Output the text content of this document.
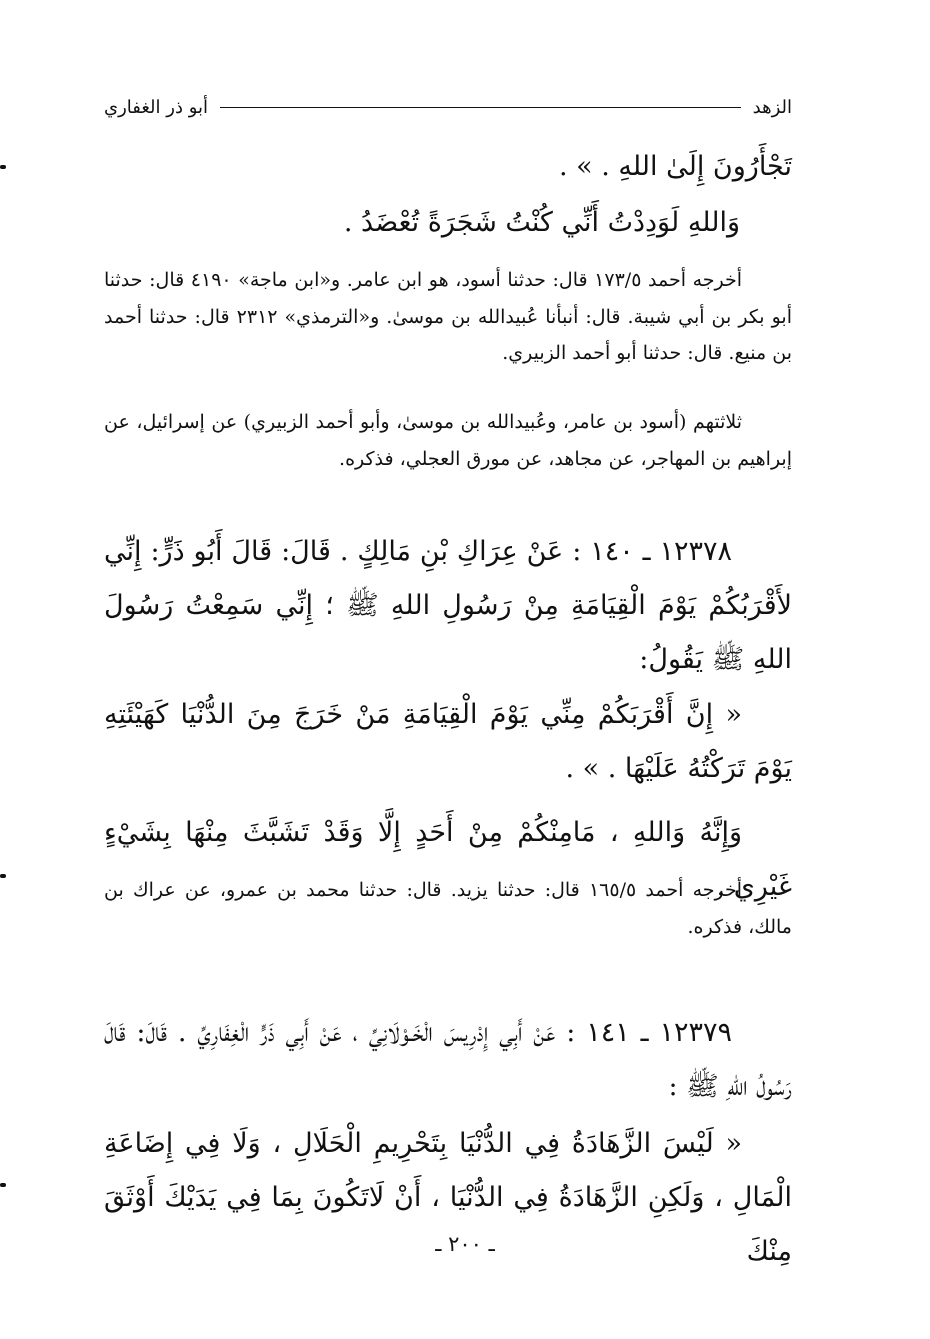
الزهد
أبو ذر الغفاري

تَجْأَرُونَ إِلَىٰ اللهِ . » .

وَاللهِ لَوَدِدْتُ أَنِّي كُنْتُ شَجَرَةً تُعْضَدُ .

أخرجه أحمد ١٧٣/٥ قال: حدثنا أسود، هو ابن عامر. و«ابن ماجة» ٤١٩٠ قال: حدثنا أبو بكر بن أبي شيبة. قال: أنبأنا عُبيدالله بن موسىٰ. و«الترمذي» ٢٣١٢ قال: حدثنا أحمد بن منيع. قال: حدثنا أبو أحمد الزبيري.

ثلاثتهم (أسود بن عامر، وعُبيدالله بن موسىٰ، وأبو أحمد الزبيري) عن إسرائيل، عن إبراهيم بن المهاجر، عن مجاهد، عن مورق العجلي، فذكره.

١٢٣٧٨ ـ ١٤٠ : عَنْ عِرَاكِ بْنِ مَالِكٍ . قَالَ: قَالَ أَبُو ذَرٍّ: إِنِّي لأَقْرَبُكُمْ يَوْمَ الْقِيَامَةِ مِنْ رَسُولِ اللهِ ﷺ ؛ إِنِّي سَمِعْتُ رَسُولَ اللهِ ﷺ يَقُولُ:

« إِنَّ أَقْرَبَكُمْ مِنِّي يَوْمَ الْقِيَامَةِ مَنْ خَرَجَ مِنَ الدُّنْيَا كَهَيْئَتِهِ يَوْمَ تَرَكْتُهُ عَلَيْهَا . » .

وَإِنَّهُ وَاللهِ ، مَامِنْكُمْ مِنْ أَحَدٍ إِلَّا وَقَدْ تَشَبَّثَ مِنْهَا بِشَيْءٍ غَيْرِي .

أخرجه أحمد ١٦٥/٥ قال: حدثنا يزيد. قال: حدثنا محمد بن عمرو، عن عراك بن مالك، فذكره.

١٢٣٧٩ ـ ١٤١ : عَنْ أَبِي إِدْرِيسَ الْخَـوْلَانِيِّ ، عَنْ أَبِي ذَرٍّ الْغِفَارِيِّ . قَالَ: قَالَ رَسُولُ اللهِ ﷺ :

« لَيْسَ الزَّهَادَةُ فِي الدُّنْيَا بِتَحْرِيمِ الْحَلَالِ ، وَلَا فِي إِضَاعَةِ الْمَالِ ، وَلَكِنِ الزَّهَادَةُ فِي الدُّنْيَا ، أَنْ لَاتَكُونَ بِمَا فِي يَدَيْكَ أَوْثَقَ مِنْكَ

ـ ٢٠٠ ـ
